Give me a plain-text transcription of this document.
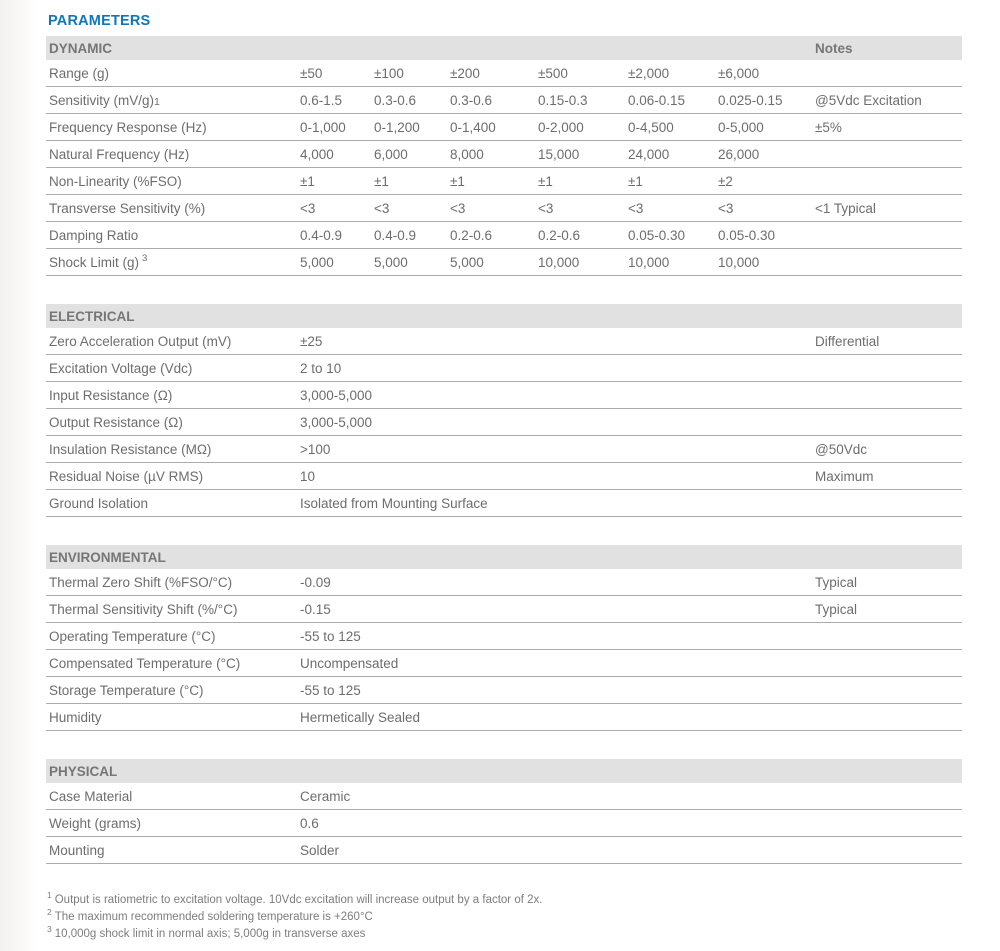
PARAMETERS
DYNAMIC	Notes
Range (g)	±50	±100	±200	±500	±2,000	±6,000
Sensitivity (mV/g)1	0.6-1.5	0.3-0.6	0.3-0.6	0.15-0.3	0.06-0.15	0.025-0.15	@5Vdc Excitation
Frequency Response (Hz)	0-1,000	0-1,200	0-1,400	0-2,000	0-4,500	0-5,000	±5%
Natural Frequency (Hz)	4,000	6,000	8,000	15,000	24,000	26,000
Non-Linearity (%FSO)	±1	±1	±1	±1	±1	±2
Transverse Sensitivity (%)	<3	<3	<3	<3	<3	<3	<1 Typical
Damping Ratio	0.4-0.9	0.4-0.9	0.2-0.6	0.2-0.6	0.05-0.30	0.05-0.30
Shock Limit (g) $^3$	5,000	5,000	5,000	10,000	10,000	10,000
ELECTRICAL
Zero Acceleration Output (mV)	±25	Differential
Excitation Voltage (Vdc)	2 to 10
Input Resistance (Ω)	3,000-5,000
Output Resistance (Ω)	3,000-5,000
Insulation Resistance (MΩ)	>100	@50Vdc
Residual Noise (µV RMS)	10	Maximum
Ground Isolation	Isolated from Mounting Surface
ENVIRONMENTAL
Thermal Zero Shift (%FSO/°C)	-0.09	Typical
Thermal Sensitivity Shift (%/°C)	-0.15	Typical
Operating Temperature (°C)	-55 to 125
Compensated Temperature (°C)	Uncompensated
Storage Temperature (°C)	-55 to 125
Humidity	Hermetically Sealed
PHYSICAL
Case Material	Ceramic
Weight (grams)	0.6
Mounting	Solder
$^1$ Output is ratiometric to excitation voltage. 10Vdc excitation will increase output by a factor of 2x.
$^2$ The maximum recommended soldering temperature is +260°C
$^3$ 10,000g shock limit in normal axis; 5,000g in transverse axes
